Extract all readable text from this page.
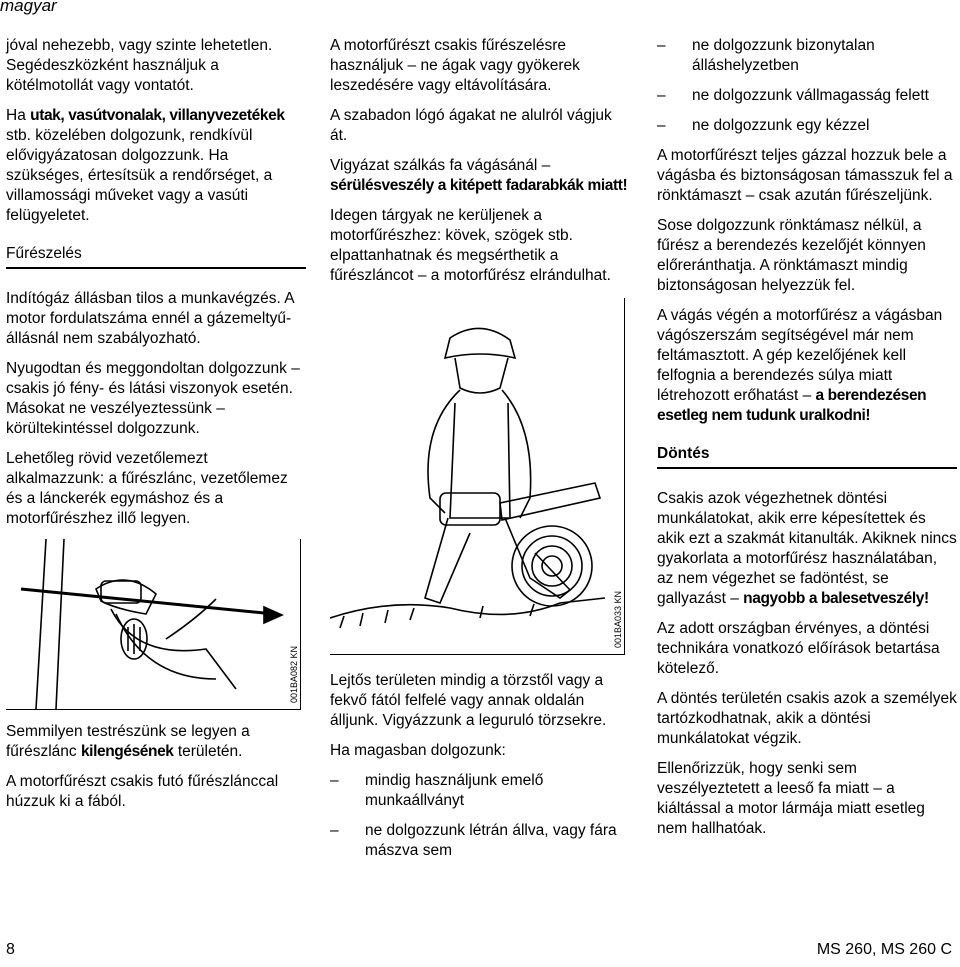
magyar

jóval nehezebb, vagy szinte lehetetlen. Segédeszközként használjuk a kötélmotollát vagy vontatót.

Ha utak, vasútvonalak, villanyvezetékek stb. közelében dolgozunk, rendkívül elővigyázatosan dolgozzunk. Ha szükséges, értesítsük a rendőrséget, a villamossági műveket vagy a vasúti felügyeletet.

Fűrészelés

Indítógáz állásban tilos a munkavégzés. A motor fordulatszáma ennél a gázemeltyű-állásnál nem szabályozható.

Nyugodtan és meggondoltan dolgozzunk – csakis jó fény- és látási viszonyok esetén. Másokat ne veszélyeztessünk – körültekintéssel dolgozzunk.

Lehetőleg rövid vezetőlemezt alkalmazzunk: a fűrészlánc, vezetőlemez és a lánckerék egymáshoz és a motorfűrészhez illő legyen.

001BA082 KN

Semmilyen testrészünk se legyen a fűrészlánc kilengésének területén.

A motorfűrészt csakis futó fűrészlánccal húzzuk ki a fából.

A motorfűrészt csakis fűrészelésre használjuk – ne ágak vagy gyökerek leszedésére vagy eltávolítására.

A szabadon lógó ágakat ne alulról vágjuk át.

Vigyázat szálkás fa vágásánál – sérülésveszély a kitépett fadarabkák miatt!

Idegen tárgyak ne kerüljenek a motorfűrészhez: kövek, szögek stb. elpattanhatnak és megsérthetik a fűrészláncot – a motorfűrész elrándulhat.

001BA033 KN

Lejtős területen mindig a törzstől vagy a fekvő fától felfelé vagy annak oldalán álljunk. Vigyázzunk a leguruló törzsekre.

Ha magasban dolgozunk:

–	mindig használjunk emelő munkaállványt
–	ne dolgozzunk létrán állva, vagy fára mászva sem
–	ne dolgozzunk bizonytalan álláshelyzetben
–	ne dolgozzunk vállmagasság felett
–	ne dolgozzunk egy kézzel

A motorfűrészt teljes gázzal hozzuk bele a vágásba és biztonságosan támasszuk fel a rönktámaszt – csak azután fűrészeljünk.

Sose dolgozzunk rönktámasz nélkül, a fűrész a berendezés kezelőjét könnyen előreránthatja. A rönktámaszt mindig biztonságosan helyezzük fel.

A vágás végén a motorfűrész a vágásban vágószerszám segítségével már nem feltámasztott. A gép kezelőjének kell felfognia a berendezés súlya miatt létrehozott erőhatást – a berendezésen esetleg nem tudunk uralkodni!

Döntés

Csakis azok végezhetnek döntési munkálatokat, akik erre képesítettek és akik ezt a szakmát kitanulták. Akiknek nincs gyakorlata a motorfűrész használatában, az nem végezhet se fadöntést, se gallyazást – nagyobb a balesetveszély!

Az adott országban érvényes, a döntési technikára vonatkozó előírások betartása kötelező.

A döntés területén csakis azok a személyek tartózkodhatnak, akik a döntési munkálatokat végzik.

Ellenőrizzük, hogy senki sem veszélyeztetett a leeső fa miatt – a kiáltással a motor lármája miatt esetleg nem hallhatóak.

8	MS 260, MS 260 C
